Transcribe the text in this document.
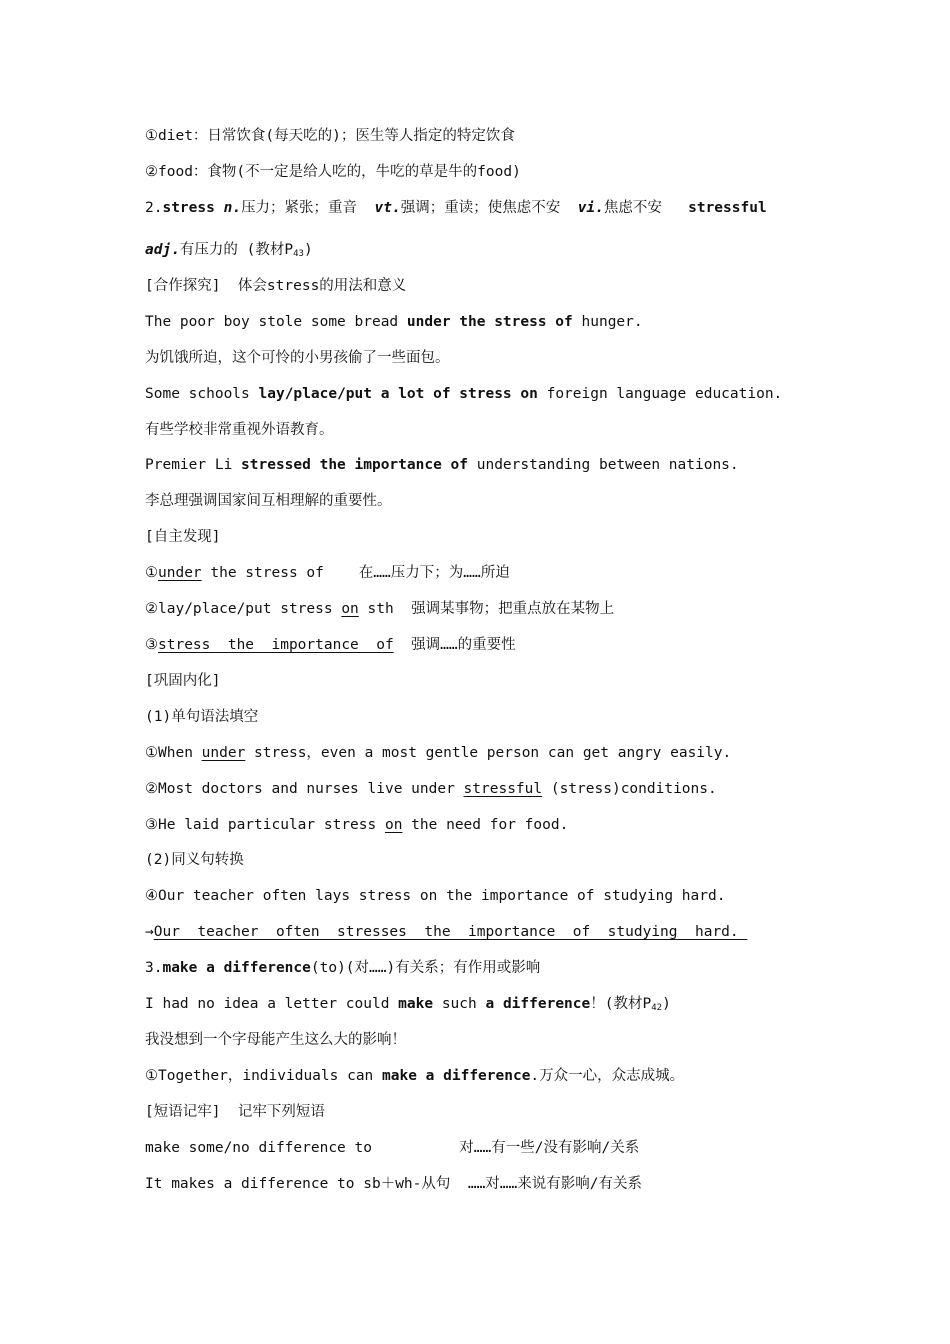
①diet：日常饮食(每天吃的)；医生等人指定的特定饮食
②food：食物(不一定是给人吃的，牛吃的草是牛的food)
2.stress n.压力；紧张；重音  vt.强调；重读；使焦虑不安  vi.焦虑不安   stressful
adj.有压力的 (教材$P_{43}$)
[合作探究]  体会stress的用法和意义
The poor boy stole some bread under the stress of hunger.
为饥饿所迫，这个可怜的小男孩偷了一些面包。
Some schools lay/place/put a lot of stress on foreign language education.
有些学校非常重视外语教育。
Premier Li stressed the importance of understanding between nations.
李总理强调国家间互相理解的重要性。
[自主发现]
①under the stress of    在……压力下；为……所迫
②lay/place/put stress on sth  强调某事物；把重点放在某物上
③stress  the  importance  of  强调……的重要性
[巩固内化]
(1)单句语法填空
①When under stress，even a most gentle person can get angry easily.
②Most doctors and nurses live under stressful (stress)conditions.
③He laid particular stress on the need for food.
(2)同义句转换
④Our teacher often lays stress on the importance of studying hard.
→Our  teacher  often  stresses  the  importance  of  studying  hard.
3.make a difference(to)(对……)有关系；有作用或影响
I had no idea a letter could make such a difference！(教材$P_{42}$)
我没想到一个字母能产生这么大的影响！
①Together，individuals can make a difference.万众一心，众志成城。
[短语记牢]  记牢下列短语
make some/no difference to          对……有一些/没有影响/关系
It makes a difference to sb＋wh-从句  ……对……来说有影响/有关系
